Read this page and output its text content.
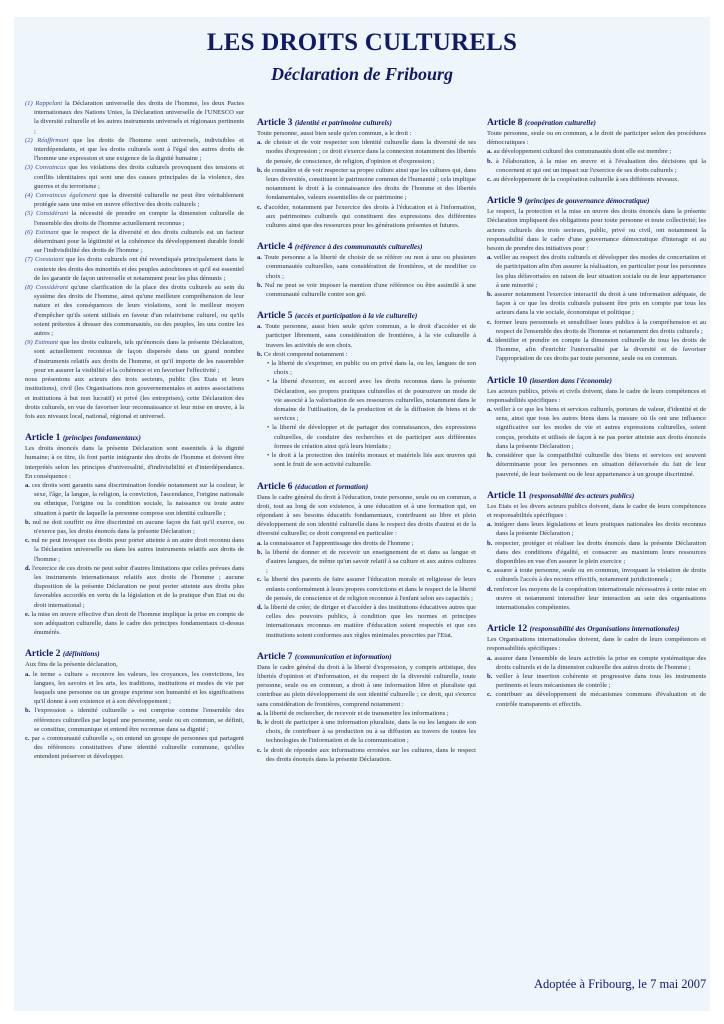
LES DROITS CULTURELS
Déclaration de Fribourg

(1) Rappelant la Déclaration universelle des droits de l'homme, les deux Pactes internationaux des Nations Unies, la Déclaration universelle de l'UNESCO sur la diversité culturelle et les autres instruments universels et régionaux pertinents ;

(2) Réaffirmant que les droits de l'homme sont universels, indivisibles et interdépendants, et que les droits culturels sont à l'égal des autres droits de l'homme une expression et une exigence de la dignité humaine ;

(3) Convaincus que les violations des droits culturels provoquent des tensions et conflits identitaires qui sont une des causes principales de la violence, des guerres et du terrorisme ;

(4) Convaincus également que la diversité culturelle ne peut être véritablement protégée sans une mise en œuvre effective des droits culturels ;

(5) Considérant la nécessité de prendre en compte la dimension culturelle de l'ensemble des droits de l'homme actuellement reconnus ;

(6) Estimant que le respect de la diversité et des droits culturels est un facteur déterminant pour la légitimité et la cohérence du développement durable fondé sur l'indivisibilité des droits de l'homme ;

(7) Constatant que les droits culturels ont été revendiqués principalement dans le contexte des droits des minorités et des peuples autochtones et qu'il est essentiel de les garantir de façon universelle et notamment pour les plus démunis ;

(8) Considérant qu'une clarification de la place des droits culturels au sein du système des droits de l'homme, ainsi qu'une meilleure compréhension de leur nature et des conséquences de leurs violations, sont le meilleur moyen d'empêcher qu'ils soient utilisés en faveur d'un relativisme culturel, ou qu'ils soient prétextes à dresser des communautés, ou des peuples, les uns contre les autres ;

(9) Estimant que les droits culturels, tels qu'énoncés dans la présente Déclaration, sont actuellement reconnus de façon dispersée dans un grand nombre d'instruments relatifs aux droits de l'homme, et qu'il importe de les rassembler pour en assurer la visibilité et la cohérence et en favoriser l'effectivité ;

nous présentons aux acteurs des trois secteurs, public (les Etats et leurs institutions), civil (les Organisations non gouvernementales et autres associations et institutions à but non lucratif) et privé (les entreprises), cette Déclaration des droits culturels, en vue de favoriser leur reconnaissance et leur mise en œuvre, à la fois aux niveaux local, national, régional et universel.

Article 1 (principes fondamentaux)

Les droits énoncés dans la présente Déclaration sont essentiels à la dignité humaine; à ce titre, ils font partie intégrante des droits de l'homme et doivent être interprétés selon les principes d'universalité, d'indivisibilité et d'interdépendance. En conséquence :

a. ces droits sont garantis sans discrimination fondée notamment sur la couleur, le sexe, l'âge, la langue, la religion, la conviction, l'ascendance, l'origine nationale ou ethnique, l'origine ou la condition sociale, la naissance ou toute autre situation à partir de laquelle la personne compose son identité culturelle ;

b. nul ne doit souffrir ou être discriminé en aucune façon du fait qu'il exerce, ou n'exerce pas, les droits énoncés dans la présente Déclaration ;

c. nul ne peut invoquer ces droits pour porter atteinte à un autre droit reconnu dans la Déclaration universelle ou dans les autres instruments relatifs aux droits de l'homme ;

d. l'exercice de ces droits ne peut subir d'autres limitations que celles prévues dans les instruments internationaux relatifs aux droits de l'homme ; aucune disposition de la présente Déclaration ne peut porter atteinte aux droits plus favorables accordés en vertu de la législation et de la pratique d'un Etat ou du droit international ;

e. la mise en œuvre effective d'un droit de l'homme implique la prise en compte de son adéquation culturelle, dans le cadre des principes fondamentaux ci-dessus énumérés.

Article 2 (définitions)

Aux fins de la présente déclaration,

a. le terme « culture » recouvre les valeurs, les croyances, les convictions, les langues, les savoirs et les arts, les traditions, institutions et modes de vie par lesquels une personne ou un groupe exprime son humanité et les significations qu'il donne à son existence et à son développement ;

b. l'expression « identité culturelle » est comprise comme l'ensemble des références culturelles par lequel une personne, seule ou en commun, se définit, se constitue, communique et entend être reconnue dans sa dignité ;

c. par « communauté culturelle », on entend un groupe de personnes qui partagent des références constitutives d'une identité culturelle commune, qu'elles entendent préserver et développer.

Article 3 (identité et patrimoine culturels)

Toute personne, aussi bien seule qu'en commun, a le droit :

a. de choisir et de voir respecter son identité culturelle dans la diversité de ses modes d'expression ; ce droit s'exerce dans la connexion notamment des libertés de pensée, de conscience, de religion, d'opinion et d'expression ;

b. de connaître et de voir respecter sa propre culture ainsi que les cultures qui, dans leurs diversités, constituent le patrimoine commun de l'humanité ; cela implique notamment le droit à la connaissance des droits de l'homme et des libertés fondamentales, valeurs essentielles de ce patrimoine ;

c. d'accéder, notamment par l'exercice des droits à l'éducation et à l'information, aux patrimoines culturels qui constituent des expressions des différentes cultures ainsi que des ressources pour les générations présentes et futures.

Article 4 (référence à des communautés culturelles)

a. Toute personne a la liberté de choisir de se référer ou non à une ou plusieurs communautés culturelles, sans considération de frontières, et de modifier ce choix ;

b. Nul ne peut se voir imposer la mention d'une référence ou être assimilé à une communauté culturelle contre son gré.

Article 5 (accès et participation à la vie culturelle)

a. Toute personne, aussi bien seule qu'en commun, a le droit d'accéder et de participer librement, sans considération de frontières, à la vie culturelle à travers les activités de son choix.

b. Ce droit comprend notamment :

• la liberté de s'exprimer, en public ou en privé dans la, ou les, langues de son choix ;

• la liberté d'exercer, en accord avec les droits reconnus dans la présente Déclaration, ses propres pratiques culturelles et de poursuivre un mode de vie associé à la valorisation de ses ressources culturelles, notamment dans le domaine de l'utilisation, de la production et de la diffusion de biens et de services ;

• la liberté de développer et de partager des connaissances, des expressions culturelles, de conduire des recherches et de participer aux différentes formes de création ainsi qu'à leurs bienfaits ;

• le droit à la protection des intérêts moraux et matériels liés aux œuvres qui sont le fruit de son activité culturelle.

Article 6 (éducation et formation)

Dans le cadre général du droit à l'éducation, toute personne, seule ou en commun, a droit, tout au long de son existence, à une éducation et à une formation qui, en répondant à ses besoins éducatifs fondamentaux, contribuent au libre et plein développement de son identité culturelle dans le respect des droits d'autrui et de la diversité culturelle; ce droit comprend en particulier :

a. la connaissance et l'apprentissage des droits de l'homme ;

b. la liberté de donner et de recevoir un enseignement de et dans sa langue et d'autres langues, de même qu'un savoir relatif à sa culture et aux autres cultures ;

c. la liberté des parents de faire assurer l'éducation morale et religieuse de leurs enfants conformément à leurs propres convictions et dans le respect de la liberté de pensée, de conscience et de religion reconnue à l'enfant selon ses capacités ;

d. la liberté de créer, de diriger et d'accéder à des institutions éducatives autres que celles des pouvoirs publics, à condition que les normes et principes internationaux reconnus en matière d'éducation soient respectés et que ces institutions soient conformes aux règles minimales prescrites par l'Etat.

Article 7 (communication et information)

Dans le cadre général du droit à la liberté d'expression, y compris artistique, des libertés d'opinion et d'information, et du respect de la diversité culturelle, toute personne, seule ou en commun, a droit à une information libre et pluraliste qui contribue au plein développement de son identité culturelle ; ce droit, qui s'exerce sans considération de frontières, comprend notamment :

a. la liberté de rechercher, de recevoir et de transmettre les informations ;

b. le droit de participer à une information pluraliste, dans la ou les langues de son choix, de contribuer à sa production ou à sa diffusion au travers de toutes les technologies de l'information et de la communication ;

c. le droit de répondre aux informations erronées sur les cultures, dans le respect des droits énoncés dans la présente Déclaration.

Article 8 (coopération culturelle)

Toute personne, seule ou en commun, a le droit de participer selon des procédures démocratiques :

a. au développement culturel des communautés dont elle est membre ;

b. à l'élaboration, à la mise en œuvre et à l'évaluation des décisions qui la concernent et qui ont un impact sur l'exercice de ses droits culturels ;

c. au développement de la coopération culturelle à ses différents niveaux.

Article 9 (principes de gouvernance démocratique)

Le respect, la protection et la mise en œuvre des droits énoncés dans la présente Déclaration impliquent des obligations pour toute personne et toute collectivité; les acteurs culturels des trois secteurs, public, privé ou civil, ont notamment la responsabilité dans le cadre d'une gouvernance démocratique d'interagir et au besoin de prendre des initiatives pour :

a. veiller au respect des droits culturels et développer des modes de concertation et de participation afin d'en assurer la réalisation, en particulier pour les personnes les plus défavorisées en raison de leur situation sociale ou de leur appartenance à une minorité ;

b. assurer notamment l'exercice interactif du droit à une information adéquate, de façon à ce que les droits culturels puissent être pris en compte par tous les acteurs dans la vie sociale, économique et politique ;

c. former leurs personnels et sensibiliser leurs publics à la compréhension et au respect de l'ensemble des droits de l'homme et notamment des droits culturels ;

d. identifier et prendre en compte la dimension culturelle de tous les droits de l'homme, afin d'enrichir l'universalité par la diversité et de favoriser l'appropriation de ces droits par toute personne, seule ou en commun.

Article 10 (insertion dans l'économie)

Les acteurs publics, privés et civils doivent, dans le cadre de leurs compétences et responsabilités spécifiques :

a. veiller à ce que les biens et services culturels, porteurs de valeur, d'identité et de sens, ainsi que tous les autres biens dans la mesure où ils ont une influence significative sur les modes de vie et autres expressions culturelles, soient conçus, produits et utilisés de façon à ne pas porter atteinte aux droits énoncés dans la présente Déclaration ;

b. considérer que la compatibilité culturelle des biens et services est souvent déterminante pour les personnes en situation défavorisée du fait de leur pauvreté, de leur isolement ou de leur appartenance à un groupe discriminé.

Article 11 (responsabilité des acteurs publics)

Les Etats et les divers acteurs publics doivent, dans le cadre de leurs compétences et responsabilités spécifiques :

a. intégrer dans leurs législations et leurs pratiques nationales les droits reconnus dans la présente Déclaration ;

b. respecter, protéger et réaliser les droits énoncés dans la présente Déclaration dans des conditions d'égalité, et consacrer au maximum leurs ressources disponibles en vue d'en assurer le plein exercice ;

c. assurer à toute personne, seule ou en commun, invoquant la violation de droits culturels l'accès à des recours effectifs, notamment juridictionnels ;

d. renforcer les moyens de la coopération internationale nécessaires à cette mise en œuvre et notamment intensifier leur interaction au sein des organisations internationales compétentes.

Article 12 (responsabilité des Organisations internationales)

Les Organisations internationales doivent, dans le cadre de leurs compétences et responsabilités spécifiques :

a. assurer dans l'ensemble de leurs activités la prise en compte systématique des droits culturels et de la dimension culturelle des autres droits de l'homme ;

b. veiller à leur insertion cohérente et progressive dans tous les instruments pertinents et leurs mécanismes de contrôle ;

c. contribuer au développement de mécanismes communs d'évaluation et de contrôle transparents et effectifs.

Adoptée à Fribourg, le 7 mai 2007
